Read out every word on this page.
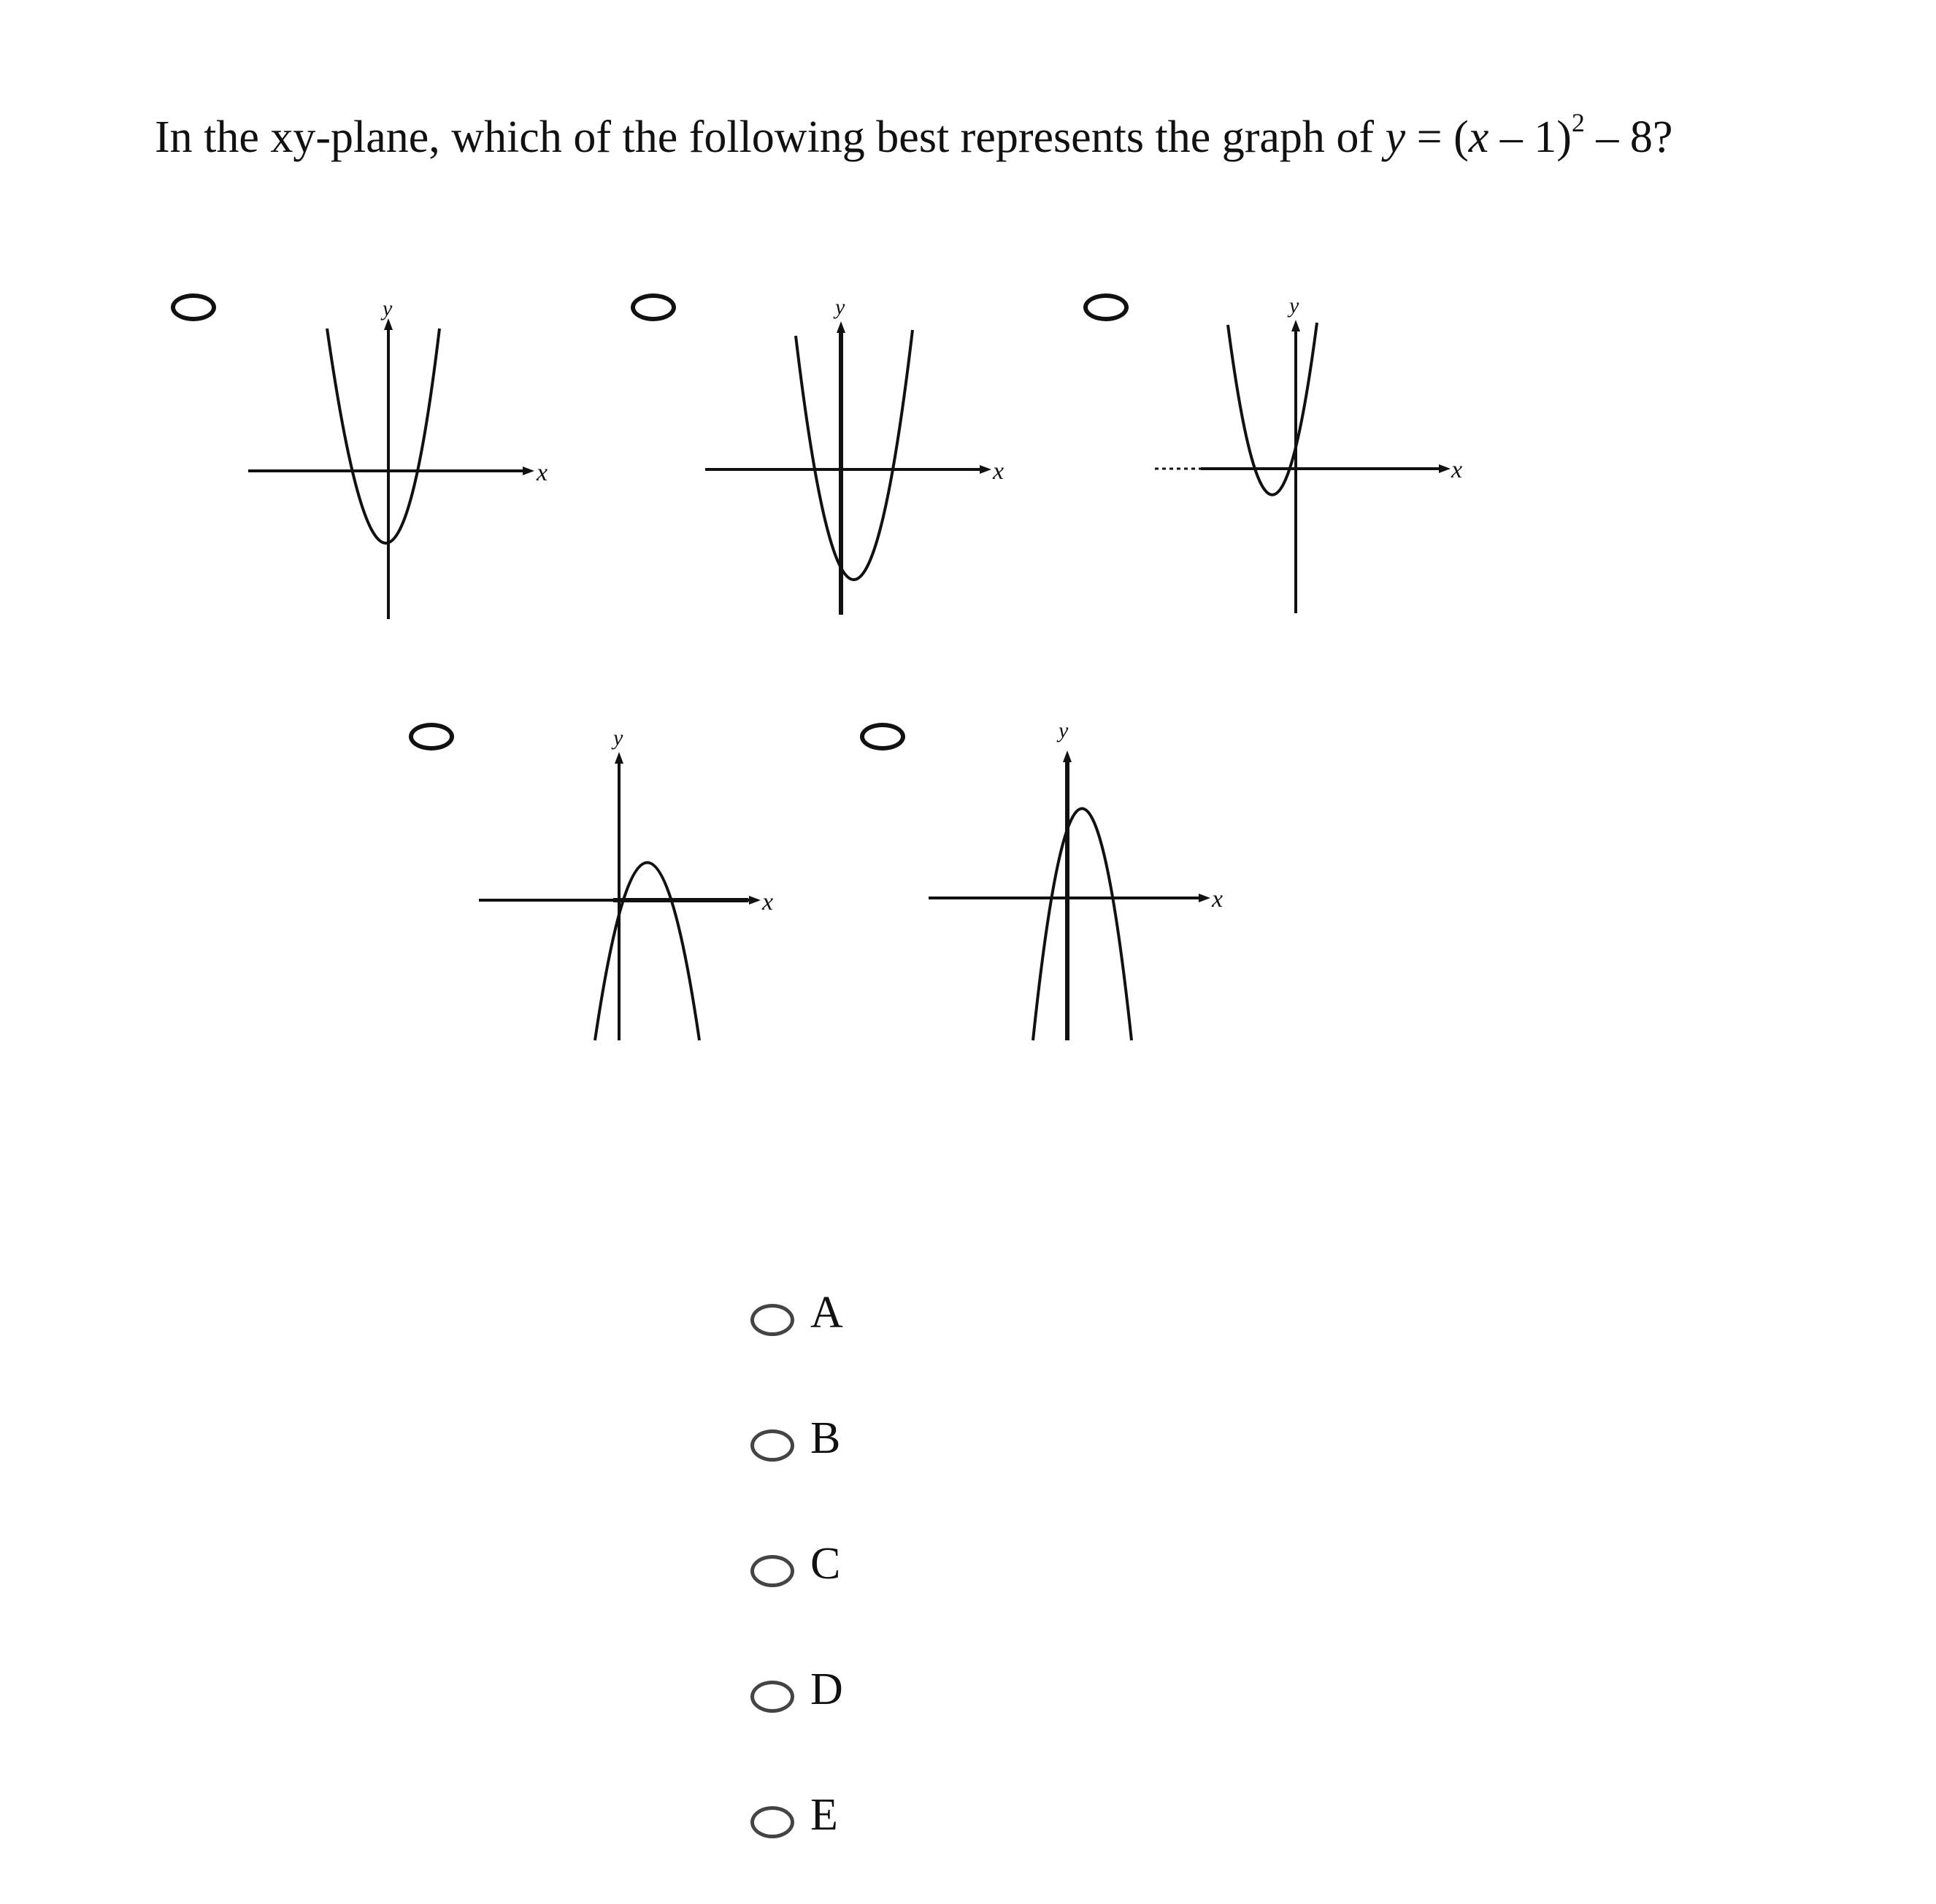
In the xy-plane, which of the following best represents the graph of y = (x – 1)$^2$ – 8?
x
y
x
y
x
y
x
y
x
y
A
B
C
D
E
